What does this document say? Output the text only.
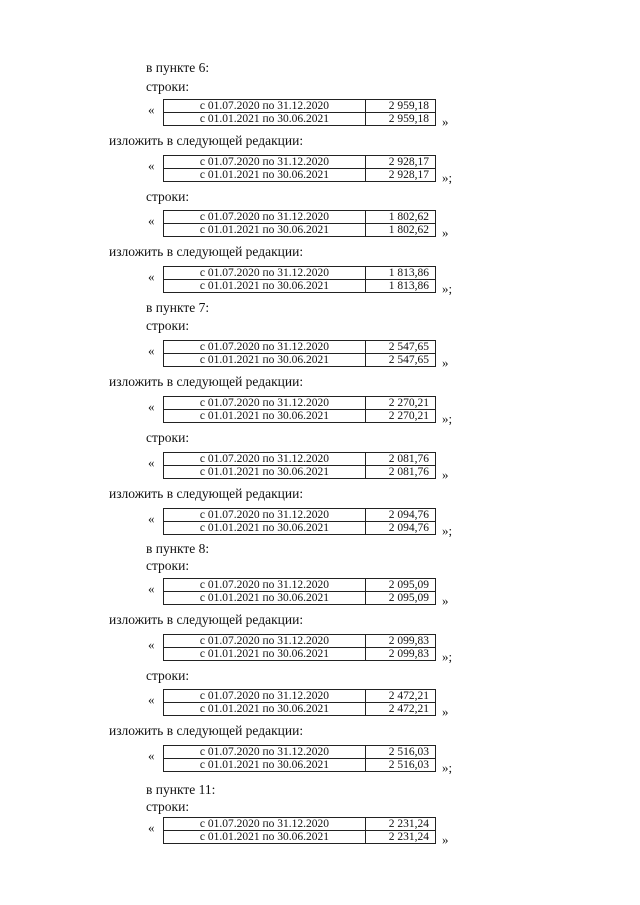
в пункте 6:
строки:
«	с 01.07.2020 по 31.12.2020	2 959,18
с 01.01.2021 по 30.06.2021	2 959,18 »
изложить в следующей редакции:
«	с 01.07.2020 по 31.12.2020	2 928,17
с 01.01.2021 по 30.06.2021	2 928,17 »;
строки:
«	с 01.07.2020 по 31.12.2020	1 802,62
с 01.01.2021 по 30.06.2021	1 802,62 »
изложить в следующей редакции:
«	с 01.07.2020 по 31.12.2020	1 813,86
с 01.01.2021 по 30.06.2021	1 813,86 »;
в пункте 7:
строки:
«	с 01.07.2020 по 31.12.2020	2 547,65
с 01.01.2021 по 30.06.2021	2 547,65 »
изложить в следующей редакции:
«	с 01.07.2020 по 31.12.2020	2 270,21
с 01.01.2021 по 30.06.2021	2 270,21 »;
строки:
«	с 01.07.2020 по 31.12.2020	2 081,76
с 01.01.2021 по 30.06.2021	2 081,76 »
изложить в следующей редакции:
«	с 01.07.2020 по 31.12.2020	2 094,76
с 01.01.2021 по 30.06.2021	2 094,76 »;
в пункте 8:
строки:
«	с 01.07.2020 по 31.12.2020	2 095,09
с 01.01.2021 по 30.06.2021	2 095,09 »
изложить в следующей редакции:
«	с 01.07.2020 по 31.12.2020	2 099,83
с 01.01.2021 по 30.06.2021	2 099,83 »;
строки:
«	с 01.07.2020 по 31.12.2020	2 472,21
с 01.01.2021 по 30.06.2021	2 472,21 »
изложить в следующей редакции:
«	с 01.07.2020 по 31.12.2020	2 516,03
с 01.01.2021 по 30.06.2021	2 516,03 »;
в пункте 11:
строки:
«	с 01.07.2020 по 31.12.2020	2 231,24
с 01.01.2021 по 30.06.2021	2 231,24 »
